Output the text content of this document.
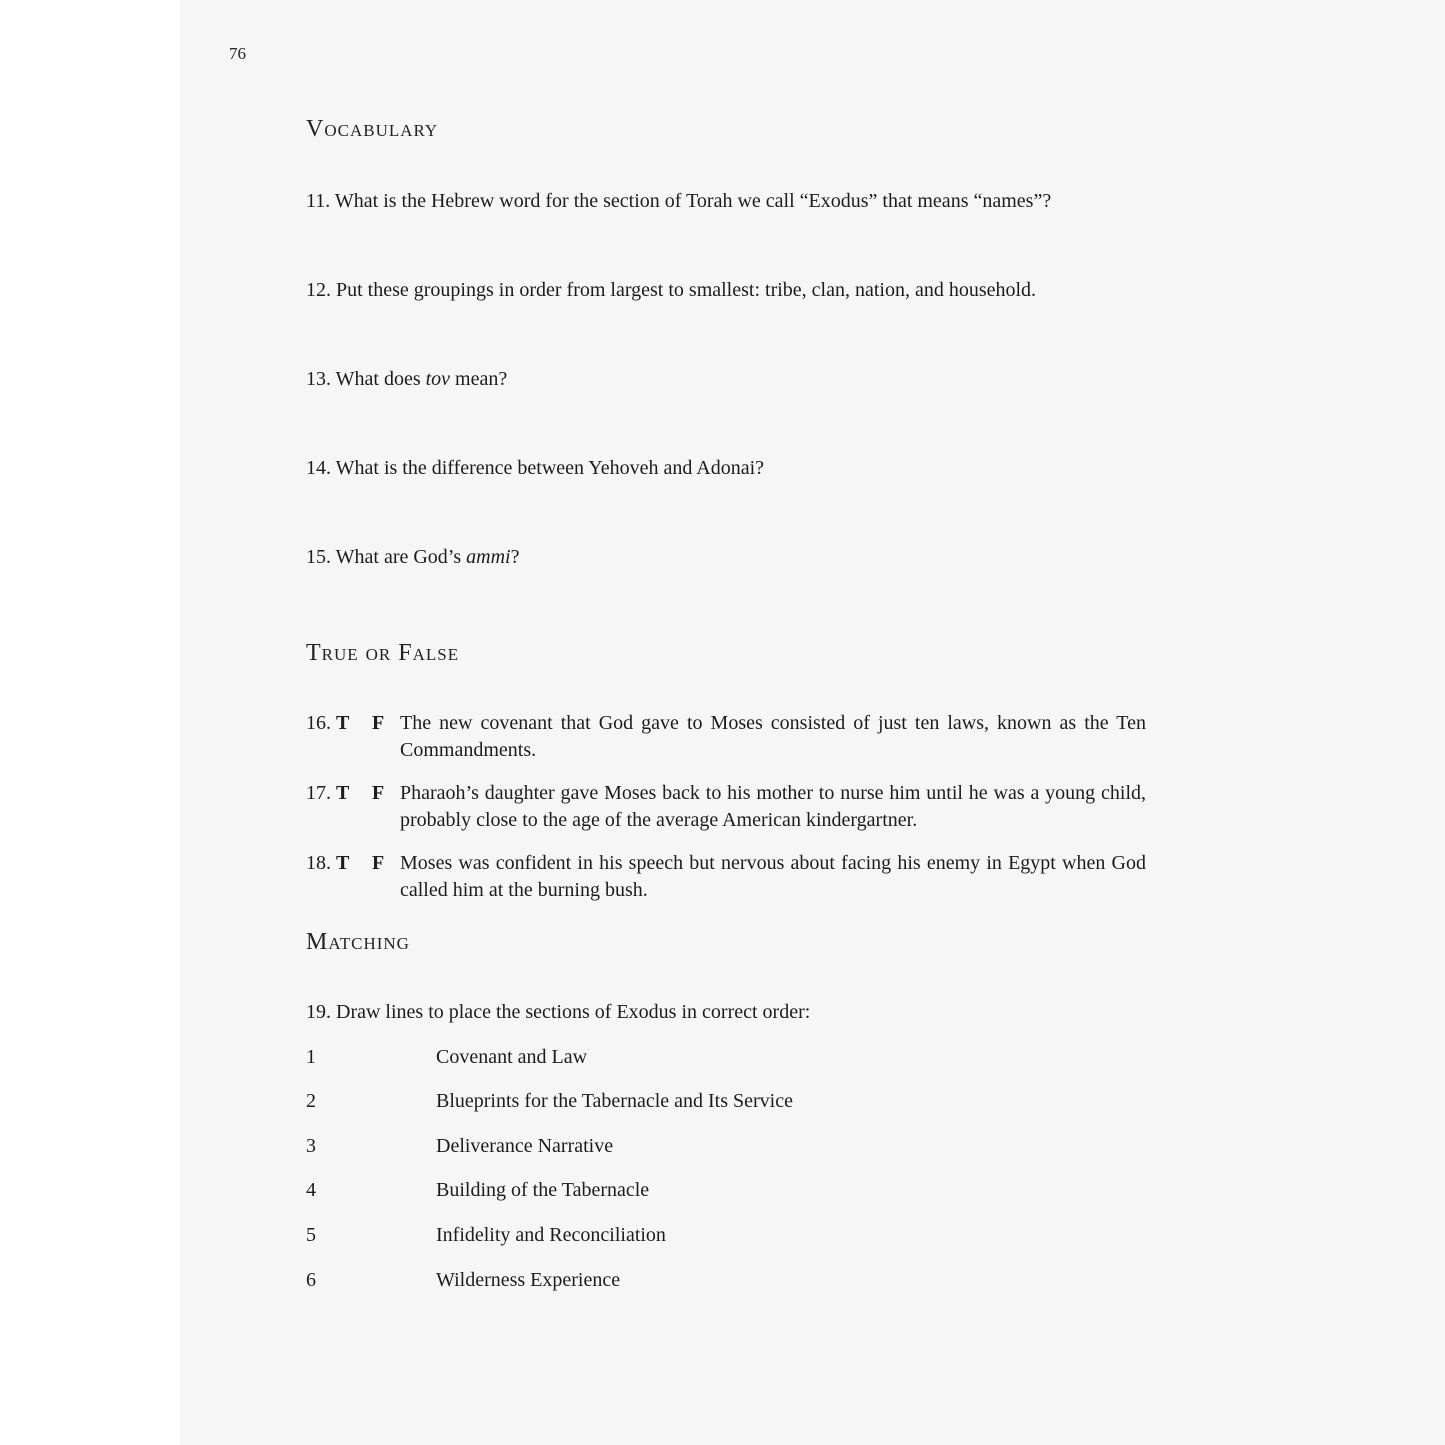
76
Vocabulary
11. What is the Hebrew word for the section of Torah we call “Exodus” that means “names”?
12. Put these groupings in order from largest to smallest: tribe, clan, nation, and household.
13. What does tov mean?
14. What is the difference between Yehoveh and Adonai?
15. What are God’s ammi?
True or False
16. T F The new covenant that God gave to Moses consisted of just ten laws, known as the Ten Commandments.
17. T F Pharaoh’s daughter gave Moses back to his mother to nurse him until he was a young child, probably close to the age of the average American kindergartner.
18. T F Moses was confident in his speech but nervous about facing his enemy in Egypt when God called him at the burning bush.
Matching
19. Draw lines to place the sections of Exodus in correct order:
1	Covenant and Law
2	Blueprints for the Tabernacle and Its Service
3	Deliverance Narrative
4	Building of the Tabernacle
5	Infidelity and Reconciliation
6	Wilderness Experience
